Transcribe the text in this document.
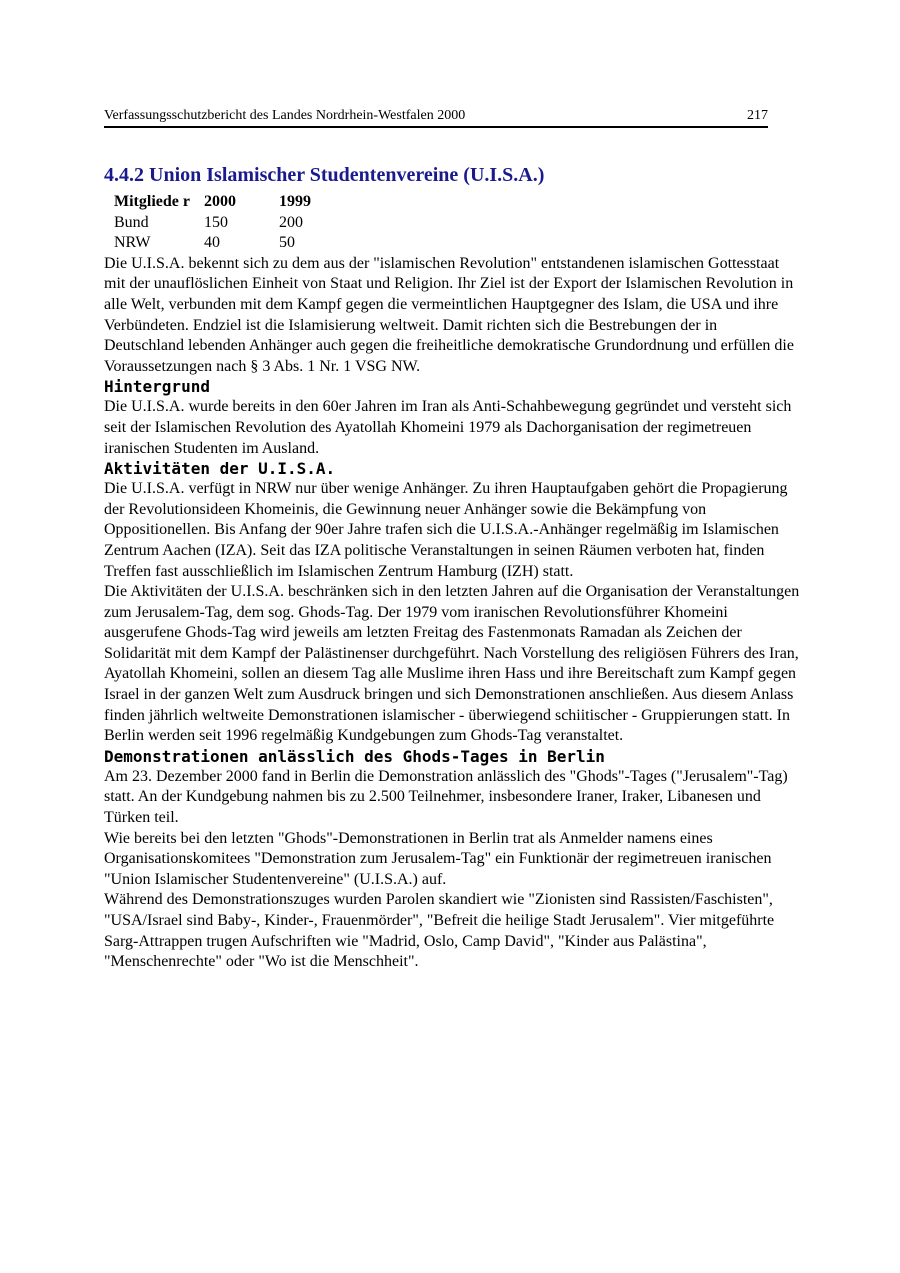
Verfassungsschutzbericht des Landes Nordrhein-Westfalen 2000	217
4.4.2 Union Islamischer Studentenvereine (U.I.S.A.)
Mitgliede r	2000	1999
Bund	150	200
NRW	40	50

Die U.I.S.A. bekennt sich zu dem aus der "islamischen Revolution" entstandenen islamischen Gottesstaat mit der unauflöslichen Einheit von Staat und Religion. Ihr Ziel ist der Export der Islamischen Revolution in alle Welt, verbunden mit dem Kampf gegen die vermeintlichen Hauptgegner des Islam, die USA und ihre Verbündeten. Endziel ist die Islamisierung weltweit. Damit richten sich die Bestrebungen der in Deutschland lebenden Anhänger auch gegen die freiheitliche demokratische Grundordnung und erfüllen die Voraussetzungen nach § 3 Abs. 1 Nr. 1 VSG NW.

Hintergrund

Die U.I.S.A. wurde bereits in den 60er Jahren im Iran als Anti-Schahbewegung gegründet und versteht sich seit der Islamischen Revolution des Ayatollah Khomeini 1979 als Dachorganisation der regimetreuen iranischen Studenten im Ausland.

Aktivitäten der U.I.S.A.

Die U.I.S.A. verfügt in NRW nur über wenige Anhänger. Zu ihren Hauptaufgaben gehört die Propagierung der Revolutionsideen Khomeinis, die Gewinnung neuer Anhänger sowie die Bekämpfung von Oppositionellen. Bis Anfang der 90er Jahre trafen sich die U.I.S.A.-Anhänger regelmäßig im Islamischen Zentrum Aachen (IZA). Seit das IZA politische Veranstaltungen in seinen Räumen verboten hat, finden Treffen fast ausschließlich im Islamischen Zentrum Hamburg (IZH) statt.

Die Aktivitäten der U.I.S.A. beschränken sich in den letzten Jahren auf die Organisation der Veranstaltungen zum Jerusalem-Tag, dem sog. Ghods-Tag. Der 1979 vom iranischen Revolutionsführer Khomeini ausgerufene Ghods-Tag wird jeweils am letzten Freitag des Fastenmonats Ramadan als Zeichen der Solidarität mit dem Kampf der Palästinenser durchgeführt. Nach Vorstellung des religiösen Führers des Iran, Ayatollah Khomeini, sollen an diesem Tag alle Muslime ihren Hass und ihre Bereitschaft zum Kampf gegen Israel in der ganzen Welt zum Ausdruck bringen und sich Demonstrationen anschließen. Aus diesem Anlass finden jährlich weltweite Demonstrationen islamischer - überwiegend schiitischer - Gruppierungen statt. In Berlin werden seit 1996 regelmäßig Kundgebungen zum Ghods-Tag veranstaltet.

Demonstrationen anlässlich des Ghods-Tages in Berlin

Am 23. Dezember 2000 fand in Berlin die Demonstration anlässlich des "Ghods"-Tages ("Jerusalem"-Tag) statt. An der Kundgebung nahmen bis zu 2.500 Teilnehmer, insbesondere Iraner, Iraker, Libanesen und Türken teil.

Wie bereits bei den letzten "Ghods"-Demonstrationen in Berlin trat als Anmelder namens eines Organisationskomitees "Demonstration zum Jerusalem-Tag" ein Funktionär der regimetreuen iranischen "Union Islamischer Studentenvereine" (U.I.S.A.) auf.

Während des Demonstrationszuges wurden Parolen skandiert wie "Zionisten sind Rassisten/Faschisten", "USA/Israel sind Baby-, Kinder-, Frauenmörder", "Befreit die heilige Stadt Jerusalem". Vier mitgeführte Sarg-Attrappen trugen Aufschriften wie "Madrid, Oslo, Camp David", "Kinder aus Palästina", "Menschenrechte" oder "Wo ist die Menschheit".
